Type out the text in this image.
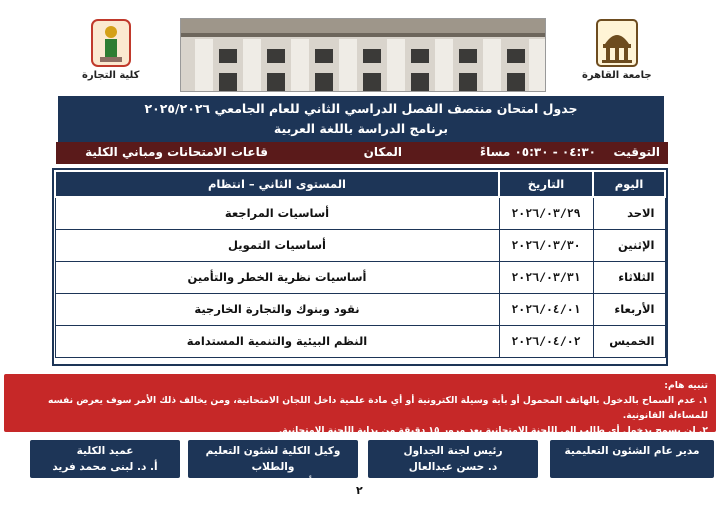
كلية التجارة	جامعة القاهرة
جدول امتحان منتصف الفصل الدراسي الثاني للعام الجامعي ٢٠٢٥/٢٠٢٦
برنامج الدراسة باللغة العربية
التوقيت
٠٤:٣٠ - ٠٥:٣٠ مساءً
المكان
قاعات الامتحانات ومباني الكلية
اليوم	التاريخ	المستوى الثاني – انتظام
الاحد	٢٠٢٦/٠٣/٢٩	أساسيات المراجعة
الإثنين	٢٠٢٦/٠٣/٣٠	أساسيات التمويل
الثلاثاء	٢٠٢٦/٠٣/٣١	أساسيات نظرية الخطر والتأمين
الأربعاء	٢٠٢٦/٠٤/٠١	نقود وبنوك والتجارة الخارجية
الخميس	٢٠٢٦/٠٤/٠٢	النظم البيئية والتنمية المستدامة
تنبيه هام:
١. عدم السماح بالدخول بالهاتف المحمول أو بأية وسيلة الكترونية أو أي مادة علمية داخل اللجان الامتحانية، ومن يخالف ذلك الأمر سوف يعرض نفسه للمساءلة القانونية.
٢. لن يسمح بدخول أي طالب الى اللجنة الامتحانية بعد مرور ١٥ دقيقة من بداية اللجنة الامتحانية.
مدير عام الشئون التعليمية
رئيس لجنة الجداول
د. حسن عبدالعال
وكيل الكلية لشئون التعليم والطلاب
أ. د. عماد الزمر
عميد الكلية
أ. د. لبنى محمد فريد
٢
